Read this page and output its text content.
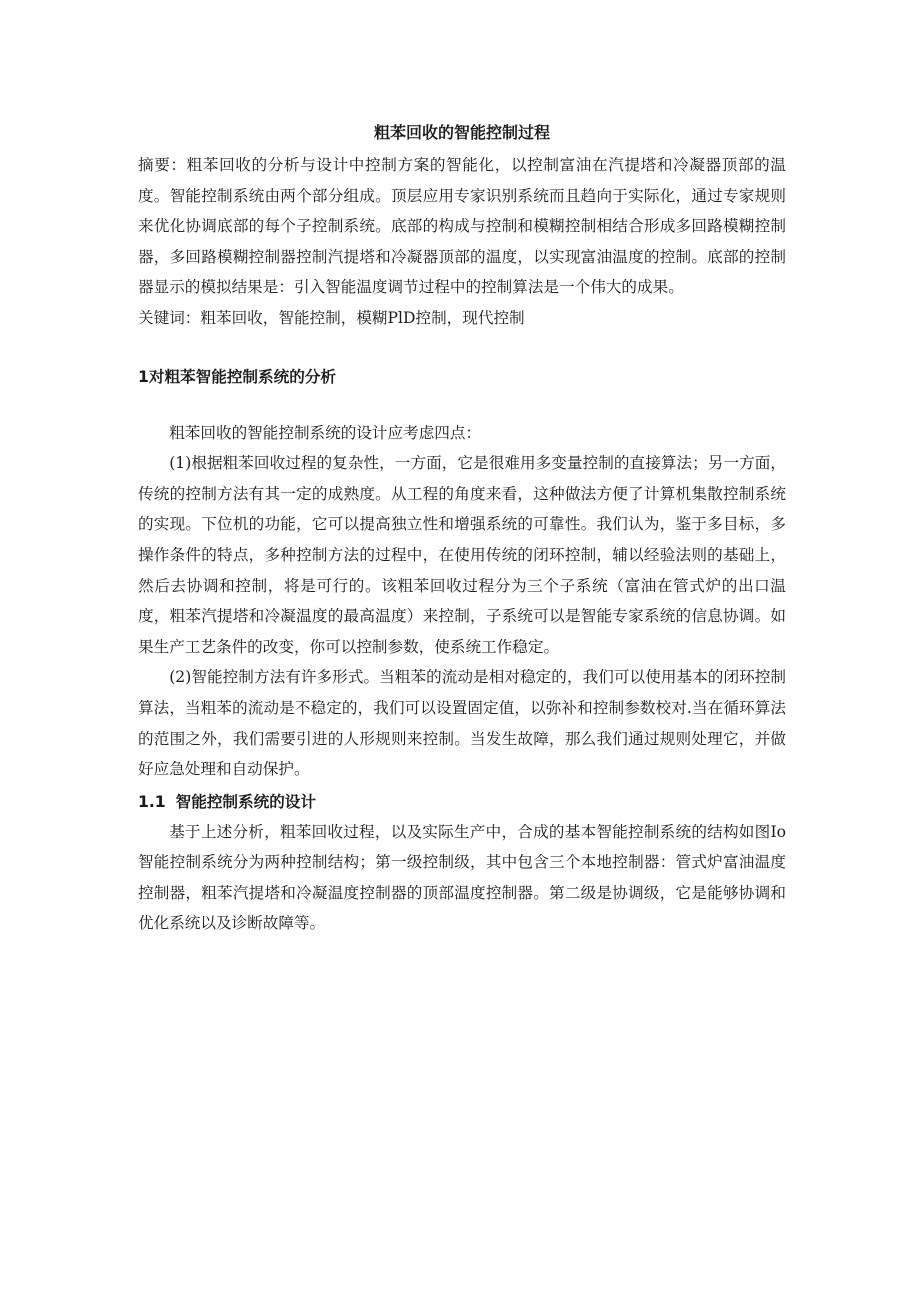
粗苯回收的智能控制过程

摘要：粗苯回收的分析与设计中控制方案的智能化，以控制富油在汽提塔和冷凝器顶部的温度。智能控制系统由两个部分组成。顶层应用专家识别系统而且趋向于实际化，通过专家规则来优化协调底部的每个子控制系统。底部的构成与控制和模糊控制相结合形成多回路模糊控制器，多回路模糊控制器控制汽提塔和冷凝器顶部的温度，以实现富油温度的控制。底部的控制器显示的模拟结果是：引入智能温度调节过程中的控制算法是一个伟大的成果。

关键词：粗苯回收，智能控制，模糊PlD控制，现代控制

1对粗苯智能控制系统的分析

粗苯回收的智能控制系统的设计应考虑四点：

(1)根据粗苯回收过程的复杂性，一方面，它是很难用多变量控制的直接算法；另一方面，传统的控制方法有其一定的成熟度。从工程的角度来看，这种做法方便了计算机集散控制系统的实现。下位机的功能，它可以提高独立性和增强系统的可靠性。我们认为，鉴于多目标，多操作条件的特点，多种控制方法的过程中，在使用传统的闭环控制，辅以经验法则的基础上，然后去协调和控制，将是可行的。该粗苯回收过程分为三个子系统（富油在管式炉的出口温度，粗苯汽提塔和冷凝温度的最高温度）来控制，子系统可以是智能专家系统的信息协调。如果生产工艺条件的改变，你可以控制参数，使系统工作稳定。

(2)智能控制方法有许多形式。当粗苯的流动是相对稳定的，我们可以使用基本的闭环控制算法，当粗苯的流动是不稳定的，我们可以设置固定值，以弥补和控制参数校对.当在循环算法的范围之外，我们需要引进的人形规则来控制。当发生故障，那么我们通过规则处理它，并做好应急处理和自动保护。

1.1 智能控制系统的设计

基于上述分析，粗苯回收过程，以及实际生产中，合成的基本智能控制系统的结构如图Io智能控制系统分为两种控制结构；第一级控制级，其中包含三个本地控制器：管式炉富油温度控制器，粗苯汽提塔和冷凝温度控制器的顶部温度控制器。第二级是协调级，它是能够协调和优化系统以及诊断故障等。
